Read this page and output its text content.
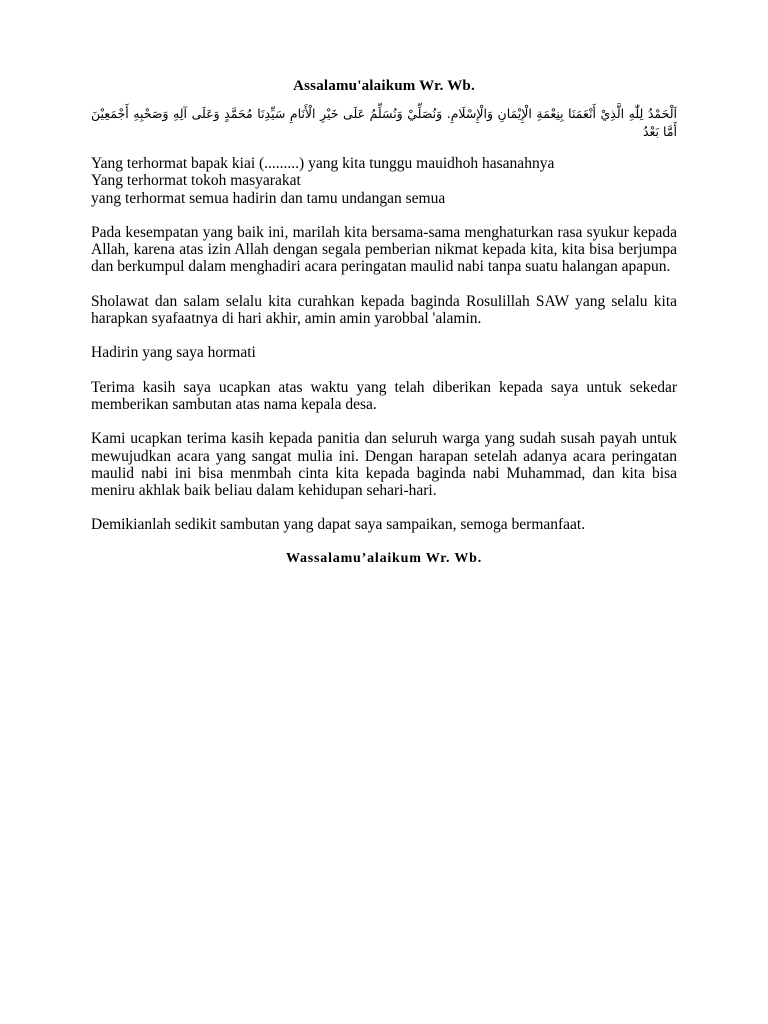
Assalamu'alaikum Wr. Wb.

اَلْحَمْدُ لِلّٰهِ الَّذِيْ أَنْعَمَنَا بِنِعْمَةِ الْإِيْمَانِ وَالْإِسْلَامِ. وَنُصَلِّيْ وَنُسَلِّمُ عَلَى خَيْرِ الْأَنَامِ سَيِّدِنَا مُحَمَّدٍ وَعَلَى آلِهِ وَصَحْبِهِ أَجْمَعِيْنَ أَمَّا بَعْدُ

Yang terhormat bapak kiai (.........) yang kita tunggu mauidhoh hasanahnya

Yang terhormat tokoh masyarakat

yang terhormat semua hadirin dan tamu undangan semua

Pada kesempatan yang baik ini, marilah kita bersama-sama menghaturkan rasa syukur kepada Allah, karena atas izin Allah dengan segala pemberian nikmat kepada kita, kita bisa berjumpa dan berkumpul dalam menghadiri acara peringatan maulid nabi tanpa suatu halangan apapun.

Sholawat dan salam selalu kita curahkan kepada baginda Rosulillah SAW yang selalu kita harapkan syafaatnya di hari akhir, amin amin yarobbal 'alamin.

Hadirin yang saya hormati

Terima kasih saya ucapkan atas waktu yang telah diberikan kepada saya untuk sekedar memberikan sambutan atas nama kepala desa.

Kami ucapkan terima kasih kepada panitia dan seluruh warga yang sudah susah payah untuk mewujudkan acara yang sangat mulia ini. Dengan harapan setelah adanya acara peringatan maulid nabi ini bisa menmbah cinta kita kepada baginda nabi Muhammad, dan kita bisa meniru akhlak baik beliau dalam kehidupan sehari-hari.

Demikianlah sedikit sambutan yang dapat saya sampaikan, semoga bermanfaat.

Wassalamu’alaikum Wr. Wb.
